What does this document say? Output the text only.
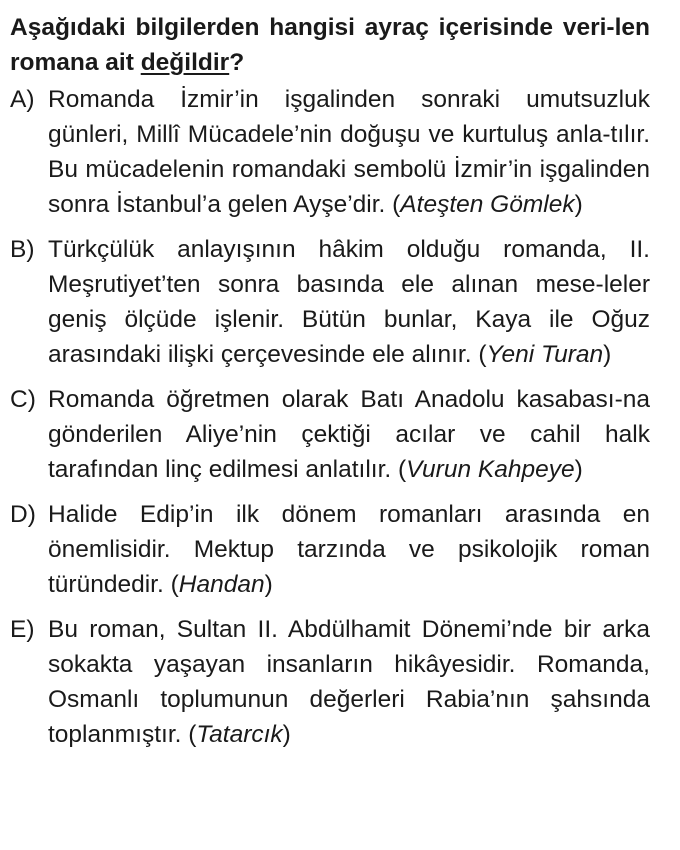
Aşağıdaki bilgilerden hangisi ayraç içerisinde veri-len romana ait değildir?

A) Romanda İzmir’in işgalinden sonraki umutsuzluk günleri, Millî Mücadele’nin doğuşu ve kurtuluş anla-tılır. Bu mücadelenin romandaki sembolü İzmir’in işgalinden sonra İstanbul’a gelen Ayşe’dir. (Ateşten Gömlek)
B) Türkçülük anlayışının hâkim olduğu romanda, II. Meşrutiyet’ten sonra basında ele alınan mese-leler geniş ölçüde işlenir. Bütün bunlar, Kaya ile Oğuz arasındaki ilişki çerçevesinde ele alınır. (Yeni Turan)
C) Romanda öğretmen olarak Batı Anadolu kasabası-na gönderilen Aliye’nin çektiği acılar ve cahil halk tarafından linç edilmesi anlatılır. (Vurun Kahpeye)
D) Halide Edip’in ilk dönem romanları arasında en önemlisidir. Mektup tarzında ve psikolojik roman türündedir. (Handan)
E) Bu roman, Sultan II. Abdülhamit Dönemi’nde bir arka sokakta yaşayan insanların hikâyesidir. Romanda, Osmanlı toplumunun değerleri Rabia’nın şahsında toplanmıştır. (Tatarcık)
